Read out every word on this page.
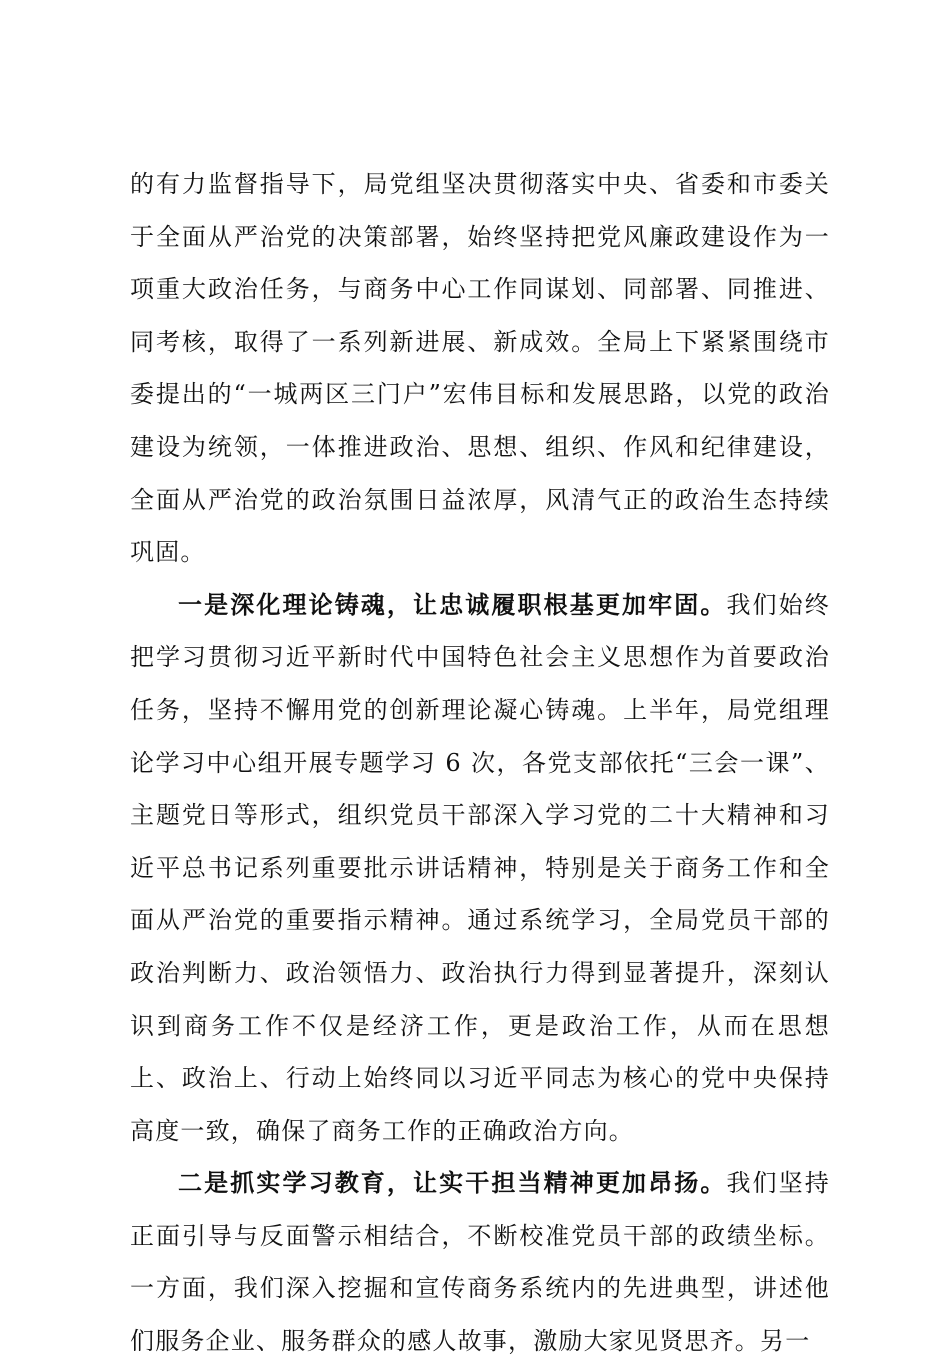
的有力监督指导下，局党组坚决贯彻落实中央、省委和市委关于全面从严治党的决策部署，始终坚持把党风廉政建设作为一项重大政治任务，与商务中心工作同谋划、同部署、同推进、同考核，取得了一系列新进展、新成效。全局上下紧紧围绕市委提出的“一城两区三门户”宏伟目标和发展思路，以党的政治建设为统领，一体推进政治、思想、组织、作风和纪律建设，全面从严治党的政治氛围日益浓厚，风清气正的政治生态持续巩固。

一是深化理论铸魂，让忠诚履职根基更加牢固。我们始终把学习贯彻习近平新时代中国特色社会主义思想作为首要政治任务，坚持不懈用党的创新理论凝心铸魂。上半年，局党组理论学习中心组开展专题学习 6 次，各党支部依托“三会一课”、主题党日等形式，组织党员干部深入学习党的二十大精神和习近平总书记系列重要批示讲话精神，特别是关于商务工作和全面从严治党的重要指示精神。通过系统学习，全局党员干部的政治判断力、政治领悟力、政治执行力得到显著提升，深刻认识到商务工作不仅是经济工作，更是政治工作，从而在思想上、政治上、行动上始终同以习近平同志为核心的党中央保持高度一致，确保了商务工作的正确政治方向。

二是抓实学习教育，让实干担当精神更加昂扬。我们坚持正面引导与反面警示相结合，不断校准党员干部的政绩坐标。一方面，我们深入挖掘和宣传商务系统内的先进典型，讲述他们服务企业、服务群众的感人故事，激励大家见贤思齐。另一
